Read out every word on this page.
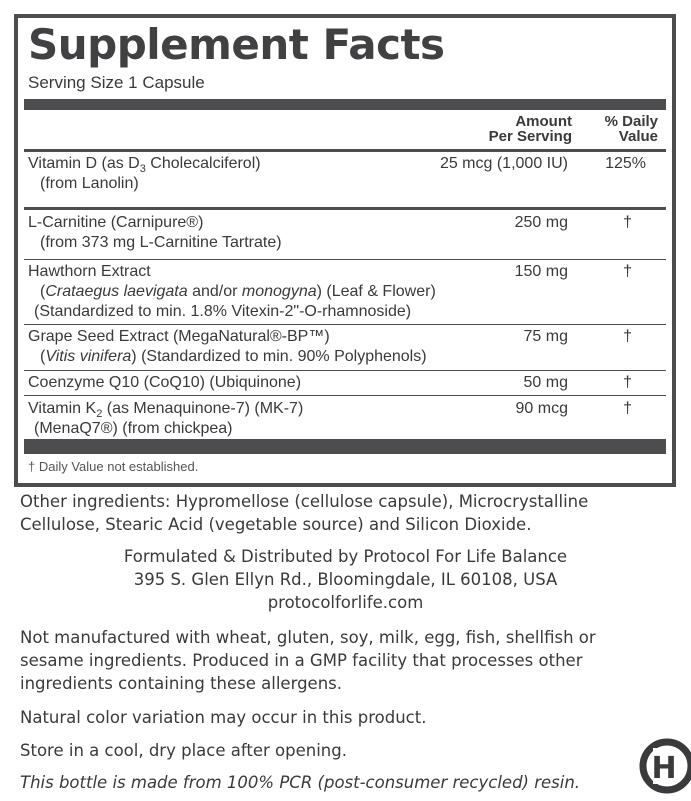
Supplement Facts
Serving Size 1 Capsule
Amount
Per Serving
% Daily
Value
Vitamin D (as $D_3$ Cholecalciferol)
(from Lanolin)
25 mcg (1,000 IU) 125%
L-Carnitine (Carnipure®)
(from 373 mg L-Carnitine Tartrate)
250 mg	†
Hawthorn Extract
(Crataegus laevigata and/or monogyna) (Leaf & Flower)
(Standardized to min. 1.8% Vitexin-2"-O-rhamnoside)
150 mg	†
Grape Seed Extract (MegaNatural®-BP™)
(Vitis vinifera) (Standardized to min. 90% Polyphenols)
75 mg	†
Coenzyme Q10 (CoQ10) (Ubiquinone)	50 mg	†
Vitamin $K_2$ (as Menaquinone-7) (MK-7)
(MenaQ7®) (from chickpea)
90 mcg	†
† Daily Value not established.
Other ingredients: Hypromellose (cellulose capsule), Microcrystalline
Cellulose, Stearic Acid (vegetable source) and Silicon Dioxide.
Formulated & Distributed by Protocol For Life Balance
395 S. Glen Ellyn Rd., Bloomingdale, IL 60108, USA
protocolforlife.com
Not manufactured with wheat, gluten, soy, milk, egg, fish, shellfish or
sesame ingredients. Produced in a GMP facility that processes other
ingredients containing these allergens.
Natural color variation may occur in this product.
Store in a cool, dry place after opening.
This bottle is made from 100% PCR (post-consumer recycled) resin.	H
